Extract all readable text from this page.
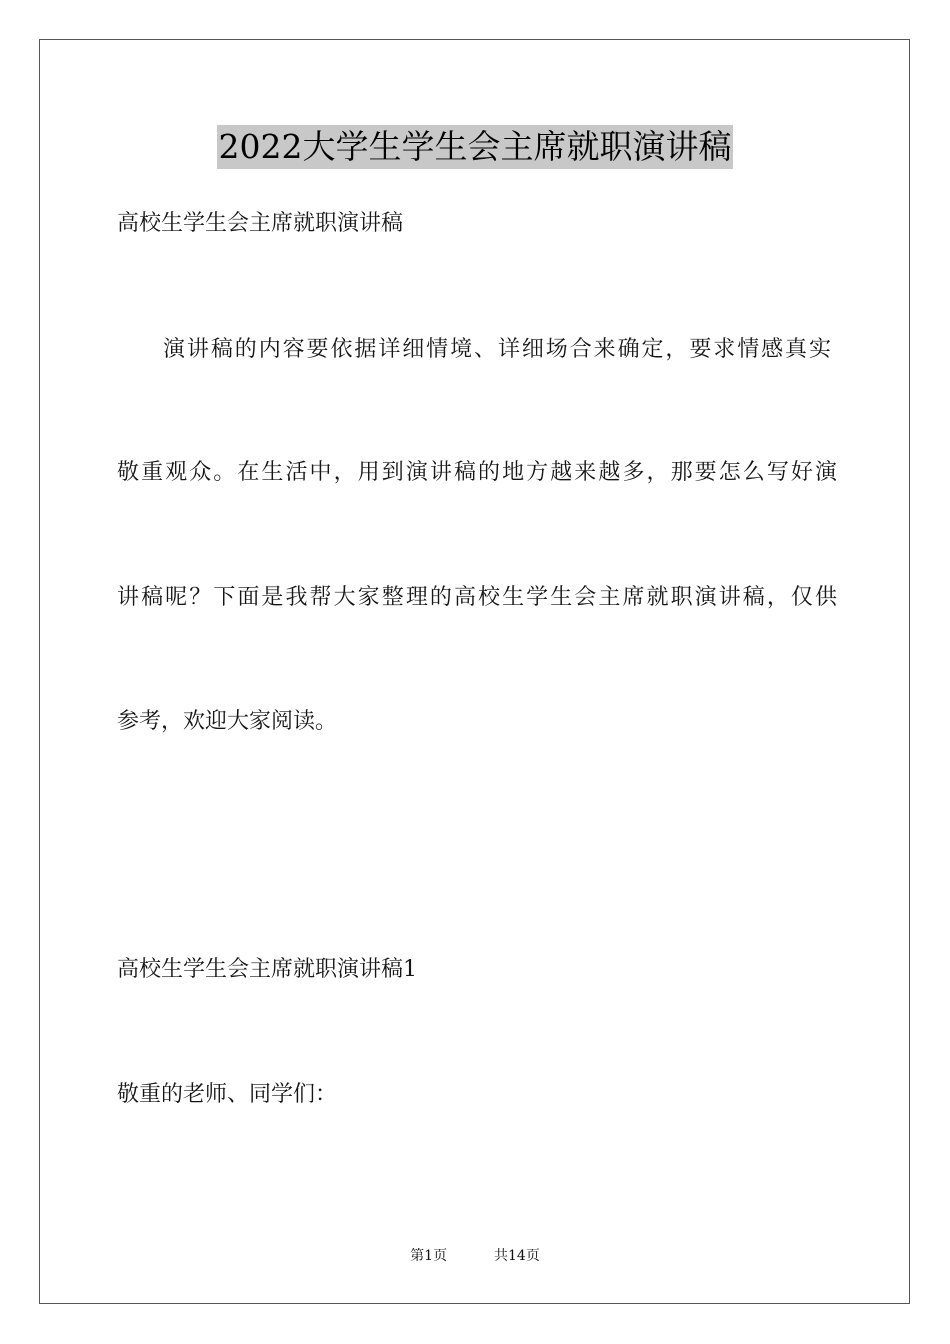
2022大学生学生会主席就职演讲稿
高校生学生会主席就职演讲稿
演讲稿的内容要依据详细情境、详细场合来确定，要求情感真实
敬重观众。在生活中，用到演讲稿的地方越来越多，那要怎么写好演
讲稿呢？下面是我帮大家整理的高校生学生会主席就职演讲稿，仅供
参考，欢迎大家阅读。
高校生学生会主席就职演讲稿1
敬重的老师、同学们：
第1页	共14页
